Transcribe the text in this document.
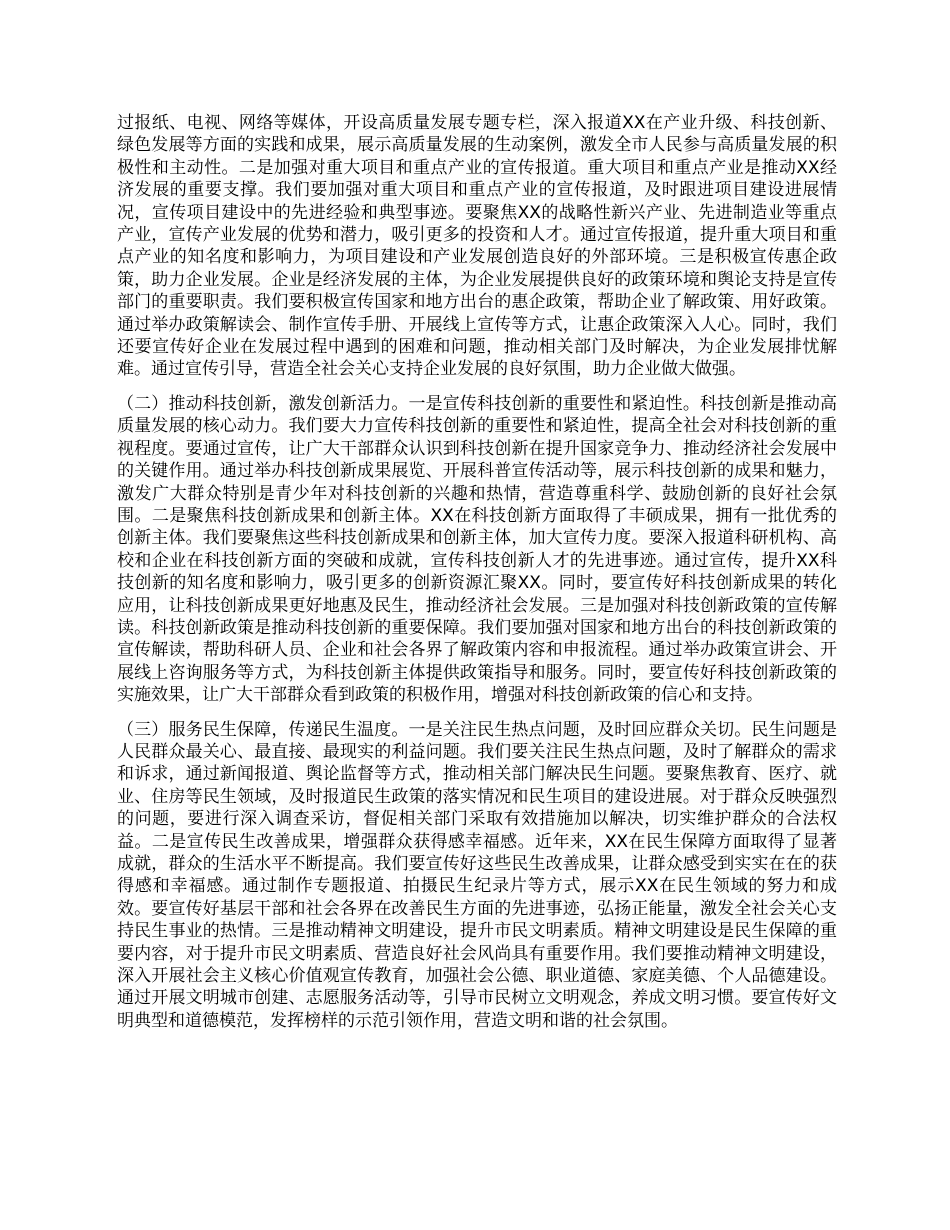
过报纸、电视、网络等媒体，开设高质量发展专题专栏，深入报道XX在产业升级、科技创新、绿色发展等方面的实践和成果，展示高质量发展的生动案例，激发全市人民参与高质量发展的积极性和主动性。二是加强对重大项目和重点产业的宣传报道。重大项目和重点产业是推动XX经济发展的重要支撑。我们要加强对重大项目和重点产业的宣传报道，及时跟进项目建设进展情况，宣传项目建设中的先进经验和典型事迹。要聚焦XX的战略性新兴产业、先进制造业等重点产业，宣传产业发展的优势和潜力，吸引更多的投资和人才。通过宣传报道，提升重大项目和重点产业的知名度和影响力，为项目建设和产业发展创造良好的外部环境。三是积极宣传惠企政策，助力企业发展。企业是经济发展的主体，为企业发展提供良好的政策环境和舆论支持是宣传部门的重要职责。我们要积极宣传国家和地方出台的惠企政策，帮助企业了解政策、用好政策。通过举办政策解读会、制作宣传手册、开展线上宣传等方式，让惠企政策深入人心。同时，我们还要宣传好企业在发展过程中遇到的困难和问题，推动相关部门及时解决，为企业发展排忧解难。通过宣传引导，营造全社会关心支持企业发展的良好氛围，助力企业做大做强。

（二）推动科技创新，激发创新活力。一是宣传科技创新的重要性和紧迫性。科技创新是推动高质量发展的核心动力。我们要大力宣传科技创新的重要性和紧迫性，提高全社会对科技创新的重视程度。要通过宣传，让广大干部群众认识到科技创新在提升国家竞争力、推动经济社会发展中的关键作用。通过举办科技创新成果展览、开展科普宣传活动等，展示科技创新的成果和魅力，激发广大群众特别是青少年对科技创新的兴趣和热情，营造尊重科学、鼓励创新的良好社会氛围。二是聚焦科技创新成果和创新主体。XX在科技创新方面取得了丰硕成果，拥有一批优秀的创新主体。我们要聚焦这些科技创新成果和创新主体，加大宣传力度。要深入报道科研机构、高校和企业在科技创新方面的突破和成就，宣传科技创新人才的先进事迹。通过宣传，提升XX科技创新的知名度和影响力，吸引更多的创新资源汇聚XX。同时，要宣传好科技创新成果的转化应用，让科技创新成果更好地惠及民生，推动经济社会发展。三是加强对科技创新政策的宣传解读。科技创新政策是推动科技创新的重要保障。我们要加强对国家和地方出台的科技创新政策的宣传解读，帮助科研人员、企业和社会各界了解政策内容和申报流程。通过举办政策宣讲会、开展线上咨询服务等方式，为科技创新主体提供政策指导和服务。同时，要宣传好科技创新政策的实施效果，让广大干部群众看到政策的积极作用，增强对科技创新政策的信心和支持。

（三）服务民生保障，传递民生温度。一是关注民生热点问题，及时回应群众关切。民生问题是人民群众最关心、最直接、最现实的利益问题。我们要关注民生热点问题，及时了解群众的需求和诉求，通过新闻报道、舆论监督等方式，推动相关部门解决民生问题。要聚焦教育、医疗、就业、住房等民生领域，及时报道民生政策的落实情况和民生项目的建设进展。对于群众反映强烈的问题，要进行深入调查采访，督促相关部门采取有效措施加以解决，切实维护群众的合法权益。二是宣传民生改善成果，增强群众获得感幸福感。近年来，XX在民生保障方面取得了显著成就，群众的生活水平不断提高。我们要宣传好这些民生改善成果，让群众感受到实实在在的获得感和幸福感。通过制作专题报道、拍摄民生纪录片等方式，展示XX在民生领域的努力和成效。要宣传好基层干部和社会各界在改善民生方面的先进事迹，弘扬正能量，激发全社会关心支持民生事业的热情。三是推动精神文明建设，提升市民文明素质。精神文明建设是民生保障的重要内容，对于提升市民文明素质、营造良好社会风尚具有重要作用。我们要推动精神文明建设，深入开展社会主义核心价值观宣传教育，加强社会公德、职业道德、家庭美德、个人品德建设。通过开展文明城市创建、志愿服务活动等，引导市民树立文明观念，养成文明习惯。要宣传好文明典型和道德模范，发挥榜样的示范引领作用，营造文明和谐的社会氛围。
